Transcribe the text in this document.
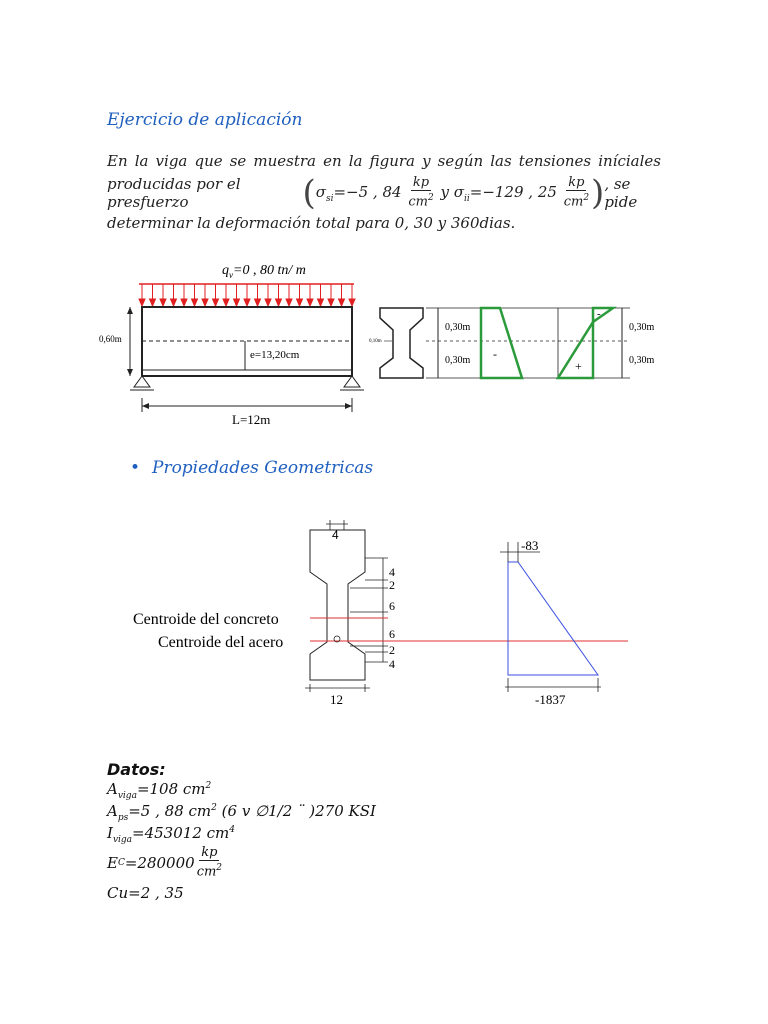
Ejercicio de aplicación
En la viga que se muestra en la figura y según las tensiones iníciales
producidas por el presfuerzo	($\sigma_{si}=-5$ , $84 \frac{kp}{cm^2}$ y $\sigma_{ii}=-129$ , $25 \frac{kp}{cm^2}$ ) , se pide
determinar la deformación total para 0, 30 y 360dias.
$q_v=0$ , 80 tn/ m
0,60m
e=13,20cm
L=12m
0,10m
0,30m
0,30m -
-
+
0,30m
0,30m
• Propiedades Geometricas
4
4
2
6
6
2
4
12
Centroide del concreto
Centroide del acero
-83
-1837
Datos:
$A_{viga}=108$ $cm^2$
$A_{ps}=5$ , 88 $cm^2$ (6 v ∅1/2 ¨ )270 KSI
$I_{viga}=453012$ $cm^4$
E $C =280000 \frac{kp}{cm^2}$
Cu=2 , 35
